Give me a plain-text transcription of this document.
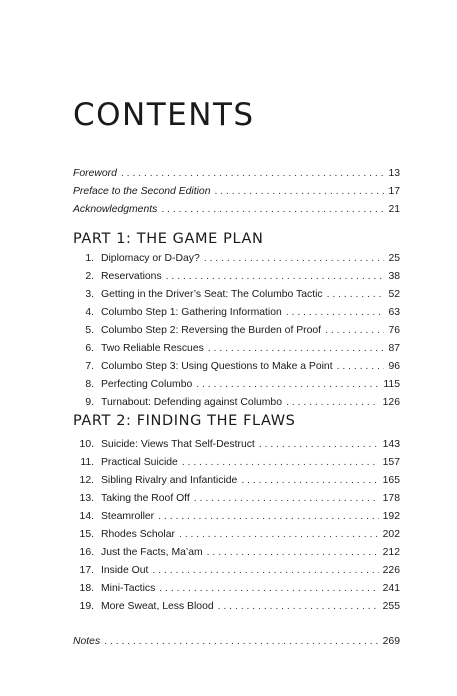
CONTENTS
Foreword . . .	13
Preface to the Second Edition . . .	17
Acknowledgments . . .	21
PART 1: THE GAME PLAN
1. Diplomacy or D-Day? . . .	25
2. Reservations . . .	38
3. Getting in the Driver’s Seat: The Columbo Tactic . . .	52
4. Columbo Step 1: Gathering Information . . .	63
5. Columbo Step 2: Reversing the Burden of Proof . . .	76
6. Two Reliable Rescues . . .	87
7. Columbo Step 3: Using Questions to Make a Point . . .	96
8. Perfecting Columbo . . .	115
9. Turnabout: Defending against Columbo . . .	126
PART 2: FINDING THE FLAWS
10. Suicide: Views That Self-Destruct . . .	143
11. Practical Suicide . . .	157
12. Sibling Rivalry and Infanticide . . .	165
13. Taking the Roof Off . . .	178
14. Steamroller . . .	192
15. Rhodes Scholar . . .	202
16. Just the Facts, Ma’am . . .	212
17. Inside Out . . .	226
18. Mini-Tactics . . .	241
19. More Sweat, Less Blood . . .	255
Notes . . .	269
